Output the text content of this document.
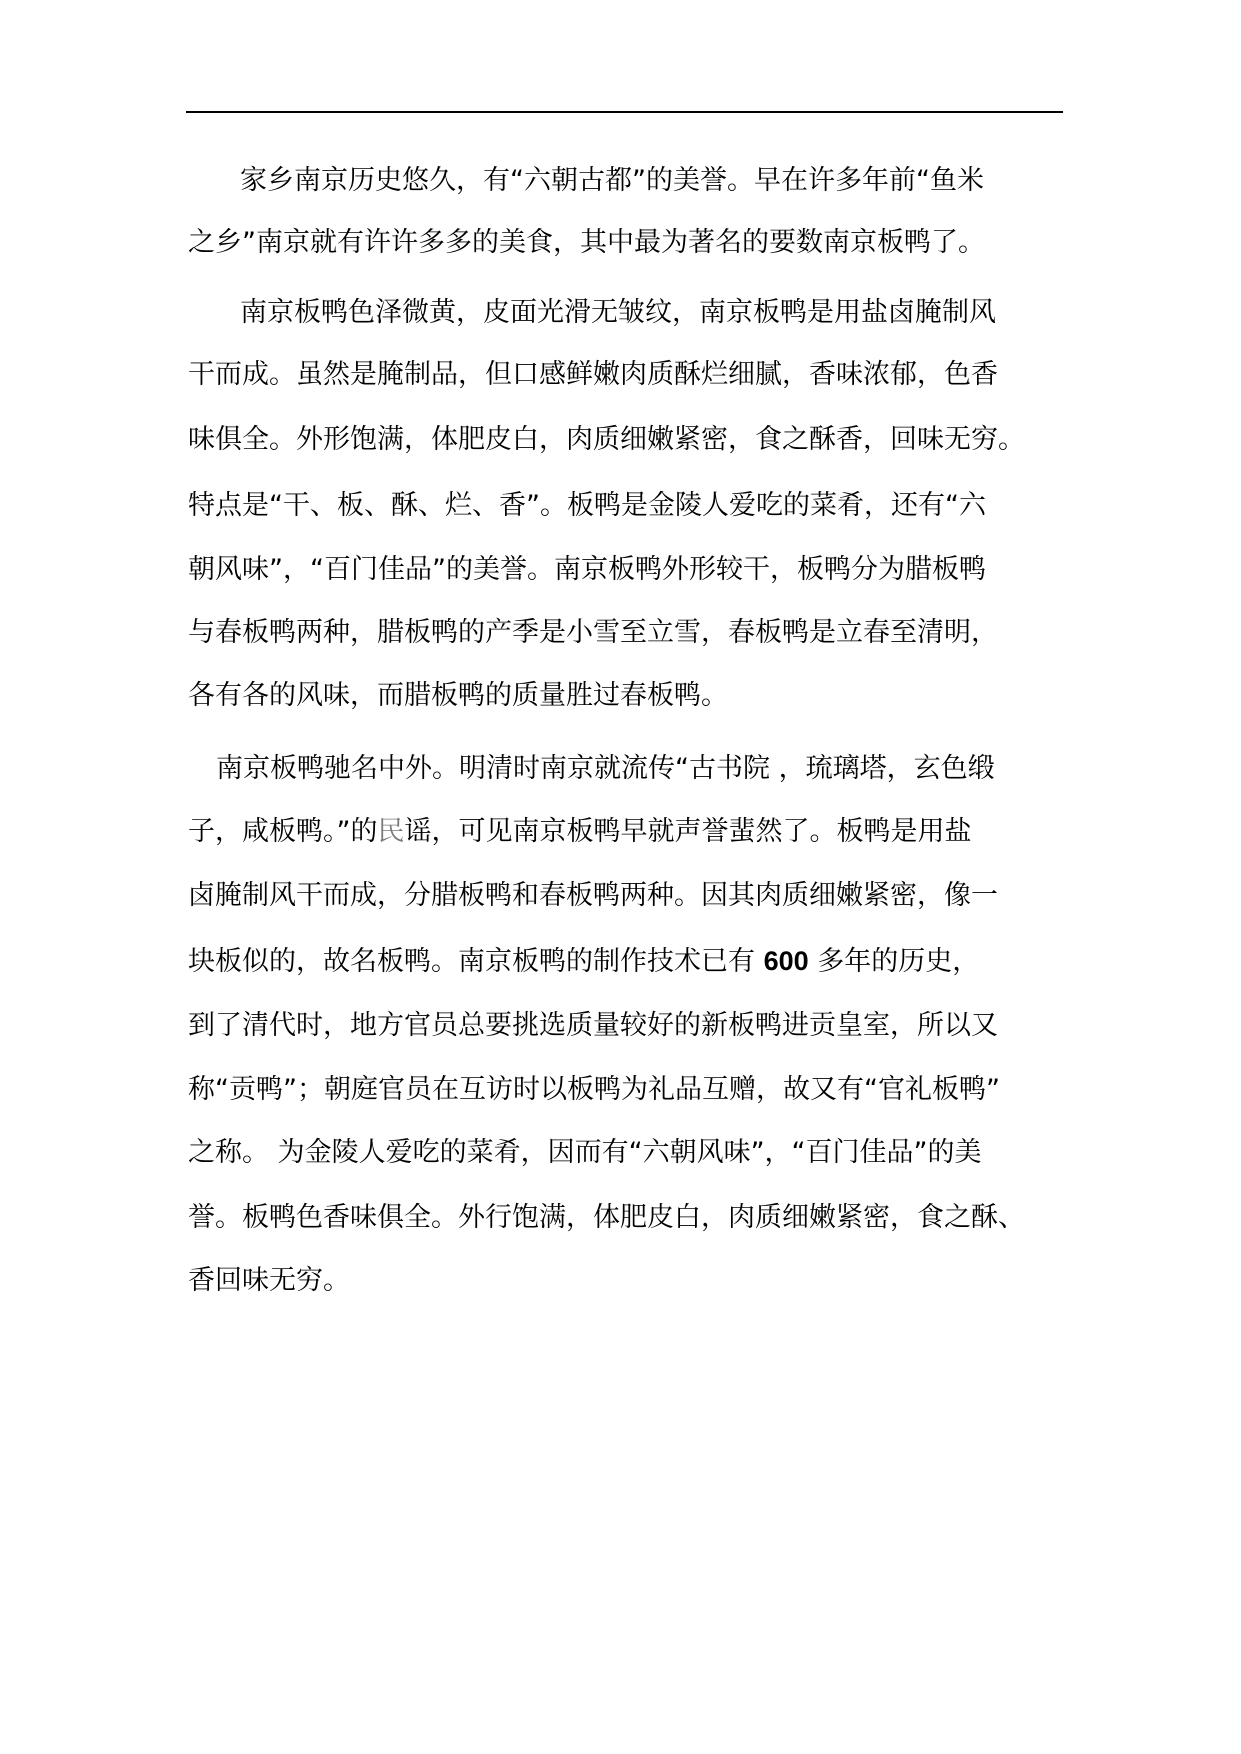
家乡南京历史悠久，有“六朝古都”的美誉。早在许多年前“鱼米
之乡”南京就有许许多多的美食，其中最为著名的要数南京板鸭了。
南京板鸭色泽微黄，皮面光滑无皱纹，南京板鸭是用盐卤腌制风
干而成。虽然是腌制品，但口感鲜嫩肉质酥烂细腻，香味浓郁，色香
味俱全。外形饱满，体肥皮白，肉质细嫩紧密，食之酥香，回味无穷。
特点是“干、板、酥、烂、香”。板鸭是金陵人爱吃的菜肴，还有“六
朝风味”，“百门佳品”的美誉。南京板鸭外形较干，板鸭分为腊板鸭
与春板鸭两种，腊板鸭的产季是小雪至立雪，春板鸭是立春至清明，
各有各的风味，而腊板鸭的质量胜过春板鸭。
南京板鸭驰名中外。明清时南京就流传“古书院 ，琉璃塔，玄色缎
子，咸板鸭。”的民谣，可见南京板鸭早就声誉蜚然了。板鸭是用盐
卤腌制风干而成，分腊板鸭和春板鸭两种。因其肉质细嫩紧密，像一
块板似的，故名板鸭。南京板鸭的制作技术已有 600 多年的历史，
到了清代时，地方官员总要挑选质量较好的新板鸭进贡皇室，所以又
称“贡鸭”；朝庭官员在互访时以板鸭为礼品互赠，故又有“官礼板鸭”
之称。 为金陵人爱吃的菜肴，因而有“六朝风味”，“百门佳品”的美
誉。板鸭色香味俱全。外行饱满，体肥皮白，肉质细嫩紧密，食之酥、
香回味无穷。
